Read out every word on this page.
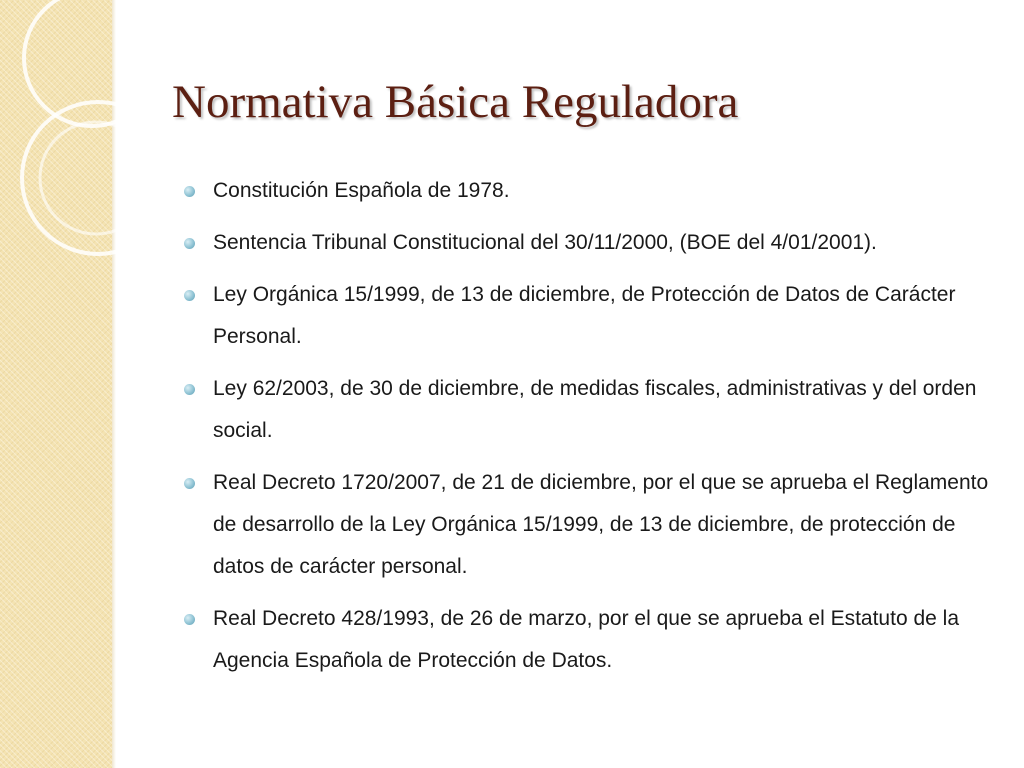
Normativa Básica Reguladora
Constitución Española de 1978.
Sentencia Tribunal Constitucional del 30/11/2000, (BOE del 4/01/2001).
Ley Orgánica 15/1999, de 13 de diciembre, de Protección de Datos de Carácter Personal.
Ley 62/2003, de 30 de diciembre, de medidas fiscales, administrativas y del orden social.
Real Decreto 1720/2007, de 21 de diciembre, por el que se aprueba el Reglamento de desarrollo de la Ley Orgánica 15/1999, de 13 de diciembre, de protección de datos de carácter personal.
Real Decreto 428/1993, de 26 de marzo, por el que se aprueba el Estatuto de la Agencia Española de Protección de Datos.
